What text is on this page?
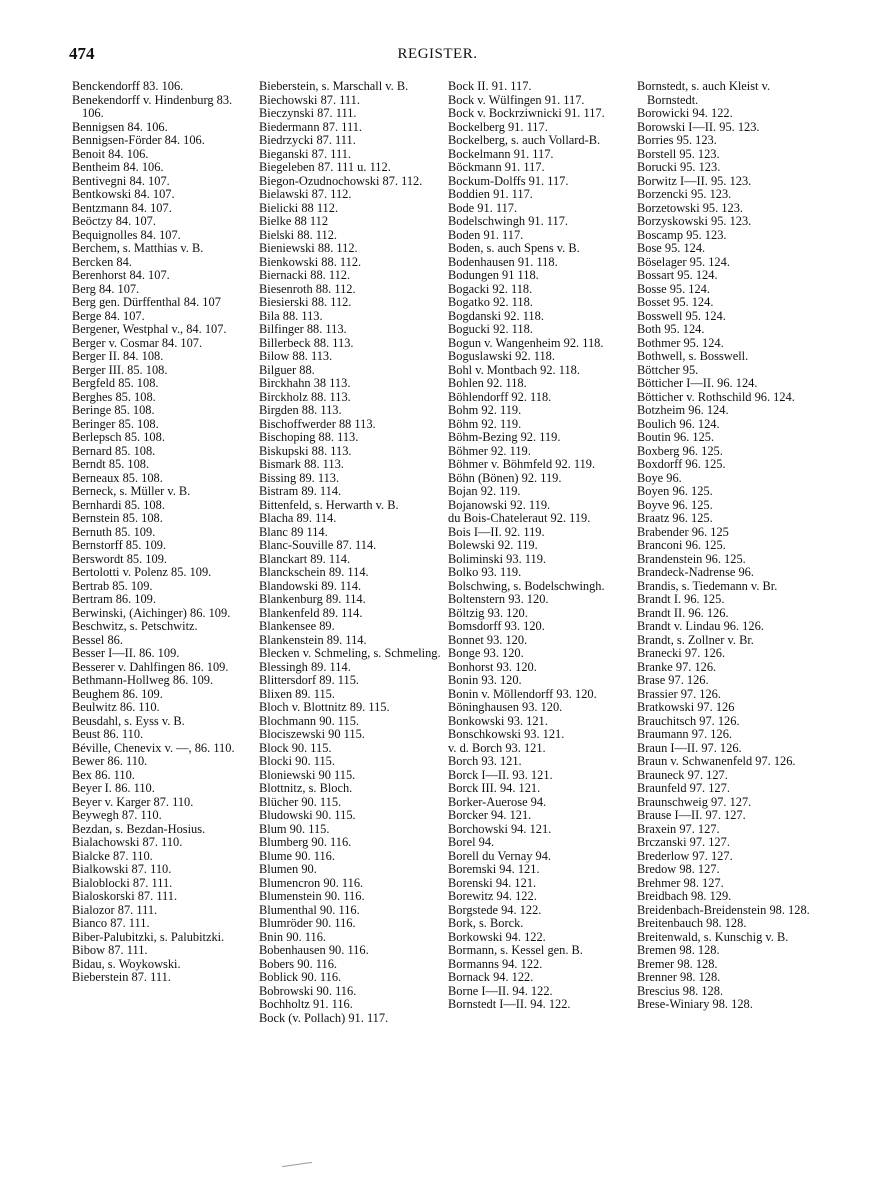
474	REGISTER.

Benckendorff 83. 106.

Benekendorff v. Hindenburg 83. 106.

Bennigsen 84. 106.

Bennigsen-Förder 84. 106.

Benoit 84. 106.

Bentheim 84. 106.

Bentivegni 84. 107.

Bentkowski 84. 107.

Bentzmann 84. 107.

Beöctzy 84. 107.

Bequignolles 84. 107.

Berchem, s. Matthias v. B.

Bercken 84.

Berenhorst 84. 107.

Berg 84. 107.

Berg gen. Dürffenthal 84. 107

Berge 84. 107.

Bergener, Westphal v., 84. 107.

Berger v. Cosmar 84. 107.

Berger II. 84. 108.

Berger III. 85. 108.

Bergfeld 85. 108.

Berghes 85. 108.

Beringe 85. 108.

Beringer 85. 108.

Berlepsch 85. 108.

Bernard 85. 108.

Berndt 85. 108.

Berneaux 85. 108.

Berneck, s. Müller v. B.

Bernhardi 85. 108.

Bernstein 85. 108.

Bernuth 85. 109.

Bernstorff 85. 109.

Berswordt 85. 109.

Bertolotti v. Polenz 85. 109.

Bertrab 85. 109.

Bertram 86. 109.

Berwinski, (Aichinger) 86. 109.

Beschwitz, s. Petschwitz.

Bessel 86.

Besser I—II. 86. 109.

Besserer v. Dahlfingen 86. 109.

Bethmann-Hollweg 86. 109.

Beughem 86. 109.

Beulwitz 86. 110.

Beusdahl, s. Eyss v. B.

Beust 86. 110.

Béville, Chenevix v. —, 86. 110.

Bewer 86. 110.

Bex 86. 110.

Beyer I. 86. 110.

Beyer v. Karger 87. 110.

Beywegh 87. 110.

Bezdan, s. Bezdan-Hosius.

Bialachowski 87. 110.

Bialcke 87. 110.

Bialkowski 87. 110.

Bialoblocki 87. 111.

Bialoskorski 87. 111.

Bialozor 87. 111.

Bianco 87. 111.

Biber-Palubitzki, s. Palubitzki.

Bibow 87. 111.

Bidau, s. Woykowski.

Bieberstein 87. 111.

Bieberstein, s. Marschall v. B.

Biechowski 87. 111.

Bieczynski 87. 111.

Biedermann 87. 111.

Biedrzycki 87. 111.

Bieganski 87. 111.

Biegeleben 87. 111 u. 112.

Biegon-Ozudnochowski 87. 112.

Bielawski 87. 112.

Bielicki 88 112.

Bielke 88 112

Bielski 88. 112.

Bieniewski 88. 112.

Bienkowski 88. 112.

Biernacki 88. 112.

Biesenroth 88. 112.

Biesierski 88. 112.

Bila 88. 113.

Bilfinger 88. 113.

Billerbeck 88. 113.

Bilow 88. 113.

Bilguer 88.

Birckhahn 38 113.

Birckholz 88. 113.

Birgden 88. 113.

Bischoffwerder 88 113.

Bischoping 88. 113.

Biskupski 88. 113.

Bismark 88. 113.

Bissing 89. 113.

Bistram 89. 114.

Bittenfeld, s. Herwarth v. B.

Blacha 89. 114.

Blanc 89 114.

Blanc-Souville 87. 114.

Blanckart 89. 114.

Blanckschein 89. 114.

Blandowski 89. 114.

Blankenburg 89. 114.

Blankenfeld 89. 114.

Blankensee 89.

Blankenstein 89. 114.

Blecken v. Schmeling, s. Schmeling.

Blessingh 89. 114.

Blittersdorf 89. 115.

Blixen 89. 115.

Bloch v. Blottnitz 89. 115.

Blochmann 90. 115.

Blociszewski 90 115.

Block 90. 115.

Blocki 90. 115.

Bloniewski 90 115.

Blottnitz, s. Bloch.

Blücher 90. 115.

Bludowski 90. 115.

Blum 90. 115.

Blumberg 90. 116.

Blume 90. 116.

Blumen 90.

Blumencron 90. 116.

Blumenstein 90. 116.

Blumenthal 90. 116.

Blumröder 90. 116.

Bnin 90. 116.

Bobenhausen 90. 116.

Bobers 90. 116.

Boblick 90. 116.

Bobrowski 90. 116.

Bochholtz 91. 116.

Bock (v. Pollach) 91. 117.

Bock II. 91. 117.

Bock v. Wülfingen 91. 117.

Bock v. Bockrziwnicki 91. 117.

Bockelberg 91. 117.

Bockelberg, s. auch Vollard-B.

Bockelmann 91. 117.

Böckmann 91. 117.

Bockum-Dolffs 91. 117.

Boddien 91. 117.

Bode 91. 117.

Bodelschwingh 91. 117.

Boden 91. 117.

Boden, s. auch Spens v. B.

Bodenhausen 91. 118.

Bodungen 91 118.

Bogacki 92. 118.

Bogatko 92. 118.

Bogdanski 92. 118.

Bogucki 92. 118.

Bogun v. Wangenheim 92. 118.

Boguslawski 92. 118.

Bohl v. Montbach 92. 118.

Bohlen 92. 118.

Böhlendorff 92. 118.

Bohm 92. 119.

Böhm 92. 119.

Böhm-Bezing 92. 119.

Böhmer 92. 119.

Böhmer v. Böhmfeld 92. 119.

Böhn (Bönen) 92. 119.

Bojan 92. 119.

Bojanowski 92. 119.

du Bois-Chateleraut 92. 119.

Bois I—II. 92. 119.

Bolewski 92. 119.

Boliminski 93. 119.

Bolko 93. 119.

Bolschwing, s. Bodelschwingh.

Boltenstern 93. 120.

Böltzig 93. 120.

Bomsdorff 93. 120.

Bonnet 93. 120.

Bonge 93. 120.

Bonhorst 93. 120.

Bonin 93. 120.

Bonin v. Möllendorff 93. 120.

Böninghausen 93. 120.

Bonkowski 93. 121.

Bonschkowski 93. 121.

v. d. Borch 93. 121.

Borch 93. 121.

Borck I—II. 93. 121.

Borck III. 94. 121.

Borker-Auerose 94.

Borcker 94. 121.

Borchowski 94. 121.

Borel 94.

Borell du Vernay 94.

Boremski 94. 121.

Borenski 94. 121.

Borewitz 94. 122.

Borgstede 94. 122.

Bork, s. Borck.

Borkowski 94. 122.

Bormann, s. Kessel gen. B.

Bormanns 94. 122.

Bornack 94. 122.

Borne I—II. 94. 122.

Bornstedt I—II. 94. 122.

Bornstedt, s. auch Kleist v. Bornstedt.

Borowicki 94. 122.

Borowski I—II. 95. 123.

Borries 95. 123.

Borstell 95. 123.

Borucki 95. 123.

Borwitz I—II. 95. 123.

Borzencki 95. 123.

Borzetowski 95. 123.

Borzyskowski 95. 123.

Boscamp 95. 123.

Bose 95. 124.

Böselager 95. 124.

Bossart 95. 124.

Bosse 95. 124.

Bosset 95. 124.

Bosswell 95. 124.

Both 95. 124.

Bothmer 95. 124.

Bothwell, s. Bosswell.

Böttcher 95.

Bötticher I—II. 96. 124.

Bötticher v. Rothschild 96. 124.

Botzheim 96. 124.

Boulich 96. 124.

Boutin 96. 125.

Boxberg 96. 125.

Boxdorff 96. 125.

Boye 96.

Boyen 96. 125.

Boyve 96. 125.

Braatz 96. 125.

Brabender 96. 125

Branconi 96. 125.

Brandenstein 96. 125.

Brandeck-Nadrense 96.

Brandis, s. Tiedemann v. Br.

Brandt I. 96. 125.

Brandt II. 96. 126.

Brandt v. Lindau 96. 126.

Brandt, s. Zollner v. Br.

Branecki 97. 126.

Branke 97. 126.

Brase 97. 126.

Brassier 97. 126.

Bratkowski 97. 126

Brauchitsch 97. 126.

Braumann 97. 126.

Braun I—II. 97. 126.

Braun v. Schwanenfeld 97. 126.

Brauneck 97. 127.

Braunfeld 97. 127.

Braunschweig 97. 127.

Brause I—II. 97. 127.

Braxein 97. 127.

Brczanski 97. 127.

Brederlow 97. 127.

Bredow 98. 127.

Brehmer 98. 127.

Breidbach 98. 129.

Breidenbach-Breidenstein 98. 128.

Breitenbauch 98. 128.

Breitenwald, s. Kunschig v. B.

Bremen 98. 128.

Bremer 98. 128.

Brenner 98. 128.

Brescius 98. 128.

Brese-Winiary 98. 128.
